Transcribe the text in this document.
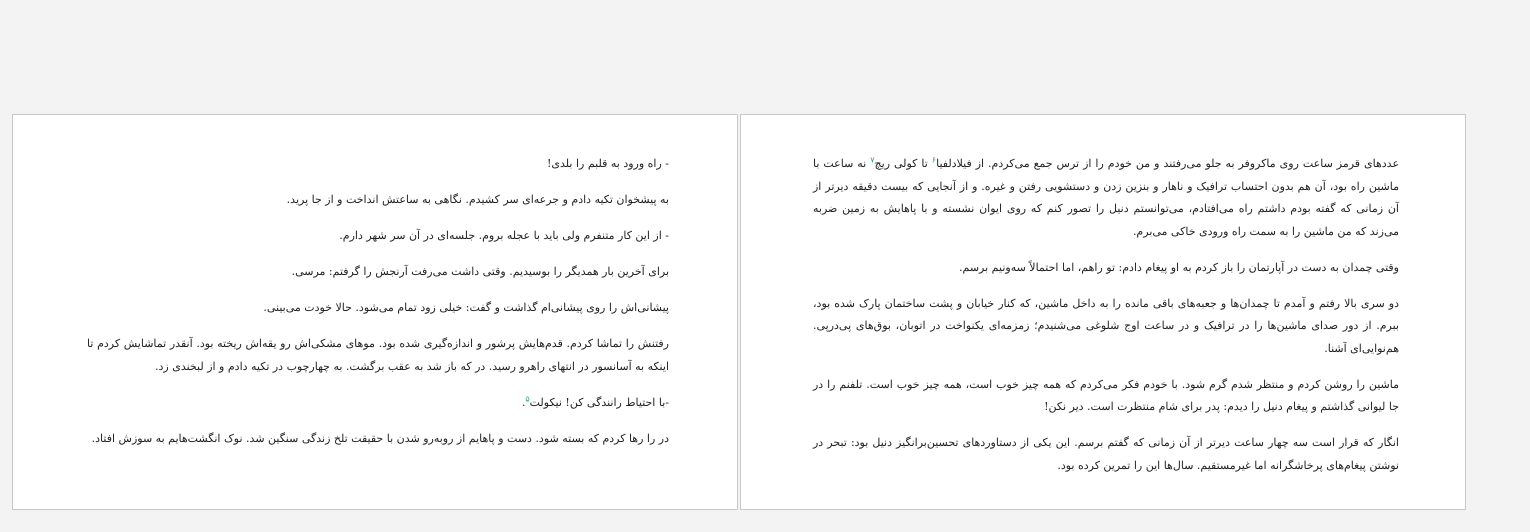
- راه ورود به قلبم را بلدی!

به پیشخوان تکیه دادم و جرعه‌ای سر کشیدم. نگاهی به ساعتش انداخت و از جا پرید.

- از این کار متنفرم ولی باید با عجله بروم. جلسه‌ای در آن سر شهر دارم.

برای آخرین بار همدیگر را بوسیدیم. وقتی داشت می‌رفت آرنجش را گرفتم: مرسی.

پیشانی‌اش را روی پیشانی‌ام گذاشت و گفت: خیلی زود تمام می‌شود. حالا خودت می‌بینی.

رفتنش را تماشا کردم. قدم‌هایش پرشور و اندازه‌گیری شده بود. موهای مشکی‌اش رو یقه‌اش ریخته بود. آنقدر تماشایش کردم تا اینکه به آسانسور در انتهای راهرو رسید. در که باز شد به عقب برگشت. به چهارچوب در تکیه دادم و از لبخندی زد.

-با احتیاط رانندگی کن! نیکولت$^۵$.

در را رها کردم که بسته شود. دست و پاهایم از روبه‌رو شدن با حقیقت تلخ زندگی سنگین شد. نوک انگشت‌هایم به سوزش افتاد.

عددهای قرمز ساعت روی ماکروفر به جلو می‌رفتند و من خودم را از ترس جمع می‌کردم. از فیلادلفیا$^۶$ تا کولی ریچ$^۷$ نه ساعت با ماشین راه بود، آن هم بدون احتساب ترافیک و ناهار و بنزین زدن و دستشویی رفتن و غیره. و از آنجایی که بیست دقیقه دیرتر از آن زمانی که گفته بودم داشتم راه می‌افتادم، می‌توانستم دنیل را تصور کنم که روی ایوان نشسته و با پاهایش به زمین ضربه می‌زند که من ماشین را به سمت راه ورودی خاکی می‌برم.

وقتی چمدان به دست در آپارتمان را باز کردم به او پیغام دادم: تو راهم، اما احتمالاً سه‌ونیم برسم.

دو سری بالا رفتم و آمدم تا چمدان‌ها و جعبه‌های باقی مانده را به داخل ماشین، که کنار خیابان و پشت ساختمان پارک شده بود، ببرم. از دور صدای ماشین‌ها را در ترافیک و در ساعت اوج شلوغی می‌شنیدم؛ زمزمه‌ای یکنواخت در اتوبان، بوق‌های پی‌درپی. هم‌نوایی‌ای آشنا.

ماشین را روشن کردم و منتظر شدم گرم شود. با خودم فکر می‌کردم که همه چیز خوب است، همه چیز خوب است. تلفنم را در جا لیوانی گذاشتم و پیغام دنیل را دیدم: پدر برای شام منتظرت است. دیر نکن!

انگار که قرار است سه چهار ساعت دیرتر از آن زمانی که گفتم برسم. این یکی از دستاوردهای تحسین‌برانگیز دنیل بود: تبحر در نوشتن پیغام‌های پرخاشگرانه اما غیرمستقیم. سال‌ها این را تمرین کرده بود.
